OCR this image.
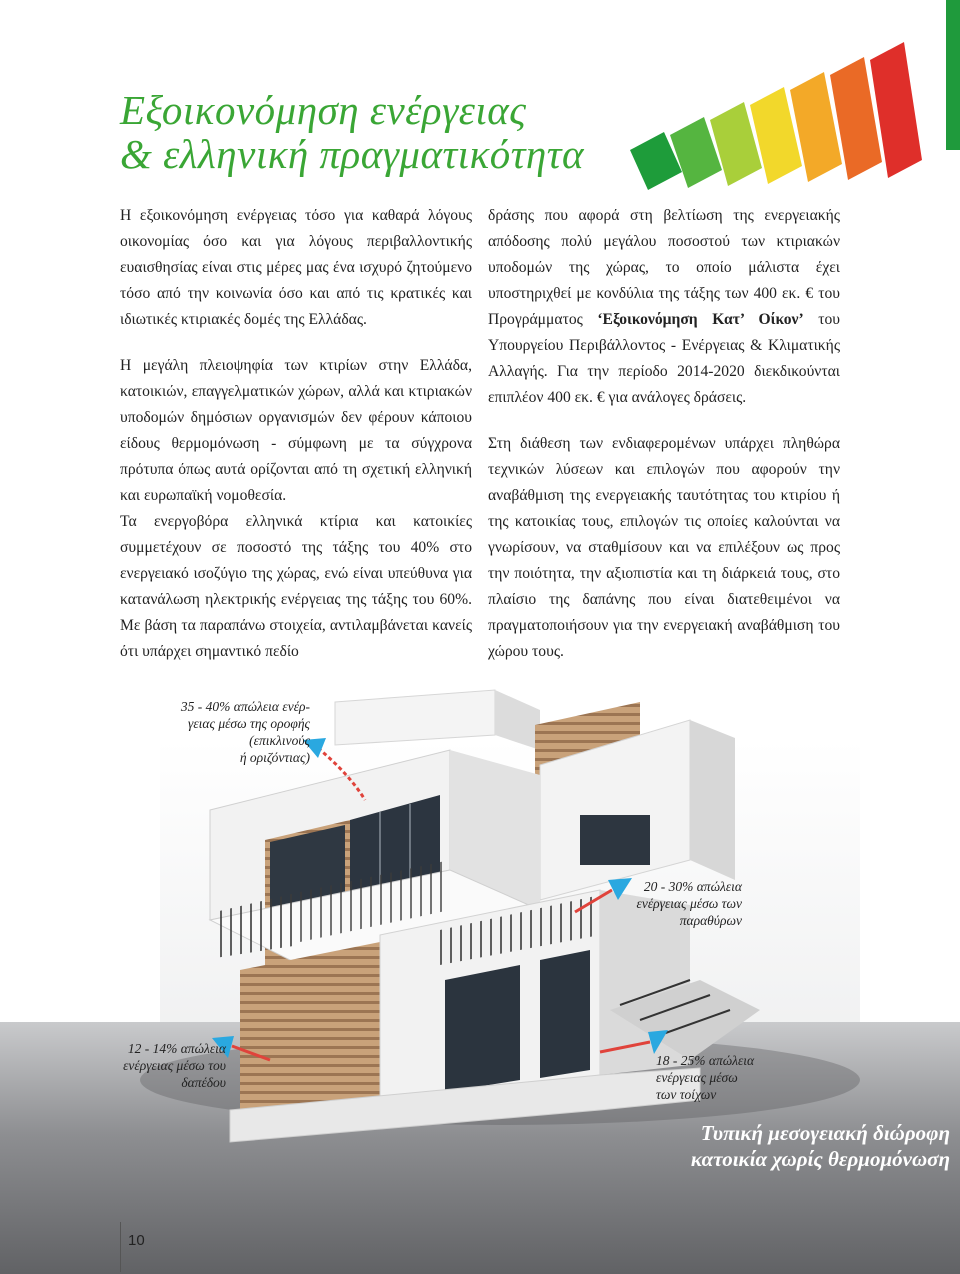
Εξοικονόμηση ενέργειας
& ελληνική πραγματικότητα

Η εξοικονόμηση ενέργειας τόσο για καθαρά λόγους οικονομίας όσο και για λόγους περιβαλλοντικής ευαισθησίας είναι στις μέρες μας ένα ισχυρό ζητούμενο τόσο από την κοινωνία όσο και από τις κρατικές και ιδιωτικές κτιριακές δομές της Ελλάδας.

Η μεγάλη πλειοψηφία των κτιρίων στην Ελλάδα, κατοικιών, επαγγελματικών χώρων, αλλά και κτιριακών υποδομών δημόσιων οργανισμών δεν φέρουν κάποιου είδους θερμομόνωση - σύμφωνη με τα σύγχρονα πρότυπα όπως αυτά ορίζονται από τη σχετική ελληνική και ευρωπαϊκή νομοθεσία.

Τα ενεργοβόρα ελληνικά κτίρια και κατοικίες συμμετέχουν σε ποσοστό της τάξης του 40% στο ενεργειακό ισοζύγιο της χώρας, ενώ είναι υπεύθυνα για κατανάλωση ηλεκτρικής ενέργειας της τάξης του 60%. Με βάση τα παραπάνω στοιχεία, αντιλαμβάνεται κανείς ότι υπάρχει σημαντικό πεδίο

δράσης που αφορά στη βελτίωση της ενεργειακής απόδοσης πολύ μεγάλου ποσοστού των κτιριακών υποδομών της χώρας, το οποίο μάλιστα έχει υποστηριχθεί με κονδύλια της τάξης των 400 εκ. € του Προγράμματος ‘Εξοικονόμηση Κατ’ Οίκον’ του Υπουργείου Περιβάλλοντος - Ενέργειας & Κλιματικής Αλλαγής. Για την περίοδο 2014-2020 διεκδικούνται επιπλέον 400 εκ. € για ανάλογες δράσεις.

Στη διάθεση των ενδιαφερομένων υπάρχει πληθώρα τεχνικών λύσεων και επιλογών που αφορούν την αναβάθμιση της ενεργειακής ταυτότητας του κτιρίου ή της κατοικίας τους, επιλογών τις οποίες καλούνται να γνωρίσουν, να σταθμίσουν και να επιλέξουν ως προς την ποιότητα, την αξιοπιστία και τη διάρκειά τους, στο πλαίσιο της δαπάνης που είναι διατεθειμένοι να πραγματοποιήσουν για την ενεργειακή αναβάθμιση του χώρου τους.

35 - 40% απώλεια ενέρ-
γειας μέσω της οροφής
(επικλινούς
ή οριζόντιας)
20 - 30% απώλεια
ενέργειας μέσω των
παραθύρων
12 - 14% απώλεια
ενέργειας μέσω του
δαπέδου
18 - 25% απώλεια
ενέργειας μέσω
των τοίχων
Τυπική μεσογειακή διώροφη
κατοικία χωρίς θερμομόνωση
10
